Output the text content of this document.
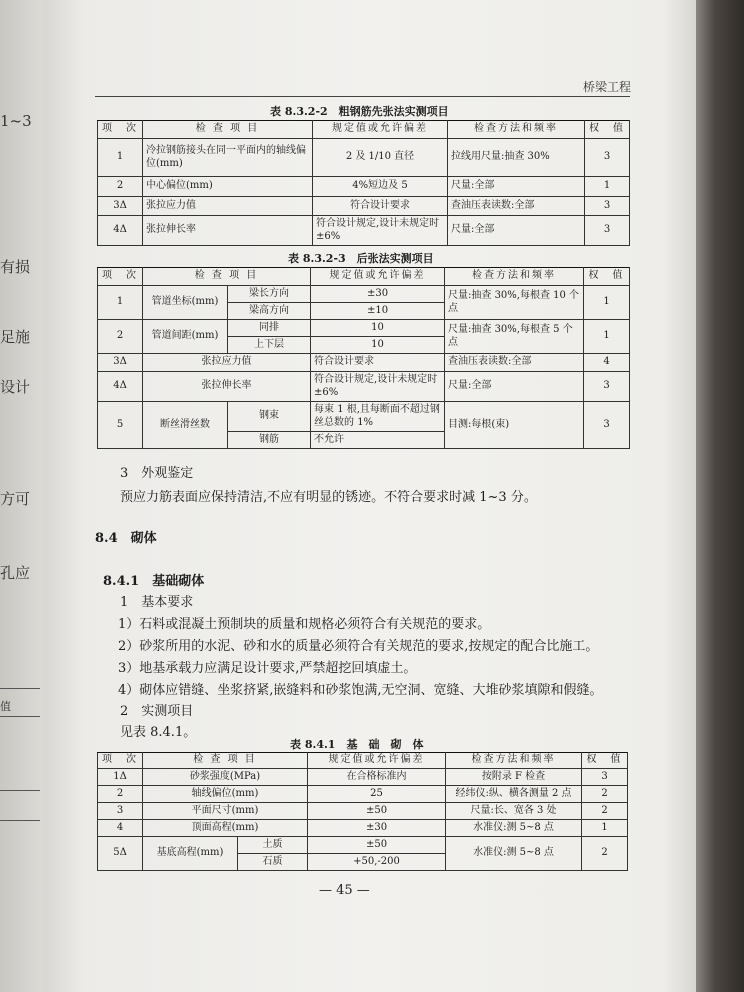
1~3
有损
足施
设计
方可
孔应
值
桥梁工程
表 8.3.2-2　粗钢筋先张法实测项目
项　次	检 查 项 目	规定值或允许偏差	检查方法和频率	权　值
1	冷拉钢筋接头在同一平面内的轴线偏位(mm)	2 及 1/10 直径	拉线用尺量:抽查 30%	3
2	中心偏位(mm)	4%短边及 5	尺量:全部	1
3Δ	张拉应力值	符合设计要求	查油压表读数:全部	3
4Δ	张拉伸长率	符合设计规定,设计未规定时±6%	尺量:全部	3
表 8.3.2-3　后张法实测项目
项　次	检 查 项 目		规定值或允许偏差	检查方法和频率	权　值
1	管道坐标(mm)	梁长方向	±30	尺量:抽查 30%,每根查 10 个点	1
		梁高方向	±10		
2	管道间距(mm)	同排	10	尺量:抽查 30%,每根查 5 个点	1
		上下层	10		
3Δ	张拉应力值		符合设计要求	查油压表读数:全部	4
4Δ	张拉伸长率		符合设计规定,设计未规定时±6%	尺量:全部	3
5	断丝滑丝数	钢束	每束 1 根,且每断面不超过钢丝总数的 1%	目测:每根(束)	3
		钢筋	不允许		
3　外观鉴定
预应力筋表面应保持清洁,不应有明显的锈迹。不符合要求时减 1~3 分。
8.4　砌体
8.4.1　基础砌体
1　基本要求
1）石料或混凝土预制块的质量和规格必须符合有关规范的要求。
2）砂浆所用的水泥、砂和水的质量必须符合有关规范的要求,按规定的配合比施工。
3）地基承载力应满足设计要求,严禁超挖回填虚土。
4）砌体应错缝、坐浆挤紧,嵌缝料和砂浆饱满,无空洞、宽缝、大堆砂浆填隙和假缝。
2　实测项目
见表 8.4.1。
表 8.4.1　基　础　砌　体
项　次	检 查 项 目		规定值或允许偏差	检查方法和频率	权　值
1Δ	砂浆强度(MPa)		在合格标准内	按附录 F 检查	3
2	轴线偏位(mm)		25	经纬仪:纵、横各测量 2 点	2
3	平面尺寸(mm)		±50	尺量:长、宽各 3 处	2
4	顶面高程(mm)		±30	水准仪:测 5~8 点	1
5Δ	基底高程(mm)	土质	±50	水准仪:测 5~8 点	2
		石质	+50,-200		
— 45 —
